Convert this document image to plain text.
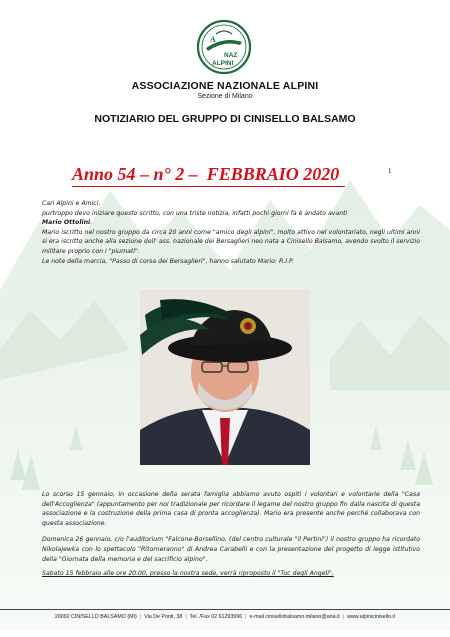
A
NAZ
ALPINI
ASSOCIAZIONE NAZIONALE ALPINI
Sezione di Milano
NOTIZIARIO DEL GRUPPO DI CINISELLO BALSAMO
Anno 54 – n° 2 –  FEBBRAIO 2020	1

Cari Alpini e Amici,

purtroppo devo iniziare questo scritto, con una triste notizia, infatti pochi giorni fa è andato avanti

Mario Ottolini.

Mario iscritto nel nostro gruppo da circa 20 anni come "amico degli alpini", molto attivo nel volontariato, negli ultimi anni si era iscritto anche alla sezione dell' ass. nazionale dei Bersaglieri neo nata a Cinisello Balsamo, avendo svolto il servizio militare proprio con i "piumati".

Le note della marcia, "Passo di corsa dei Bersaglieri", hanno salutato Mario: R.I.P.

Lo scorso 15 gennaio, in occasione della serata famiglia abbiamo avuto ospiti i volontari e volontarie della "Casa dell'Accoglienza" (appuntamento per noi tradizionale per ricordare il legame del nostro gruppo fin dalla nascita di questa associazione e la costruzione della prima casa di pronta accoglienza). Mario era presente anche perché collaborava con questa associazione.

Domenica 26 gennaio, c/o l'auditorium "Falcone-Borsellino, (del centro culturale "il Pertini") il nostro gruppo ha ricordato Nikolajewka con lo spettacolo "Ritorneranno" di Andrea Carabelli e con la presentazione del progetto di legge istitutivo della "Giornata della memoria e del sacrificio alpino".

Sabato 15 febbraio alle ore 20.00, presso la nostra sede, verrà riproposto il "Toc degli Angeli",

20092 CINISELLO BALSAMO (MI) | Via De Ponti, 38 | Tel. /Fax 02 61293996 | e-mail cinisellobalsamo.milano@ana.it | www.alpinicinisello.it
